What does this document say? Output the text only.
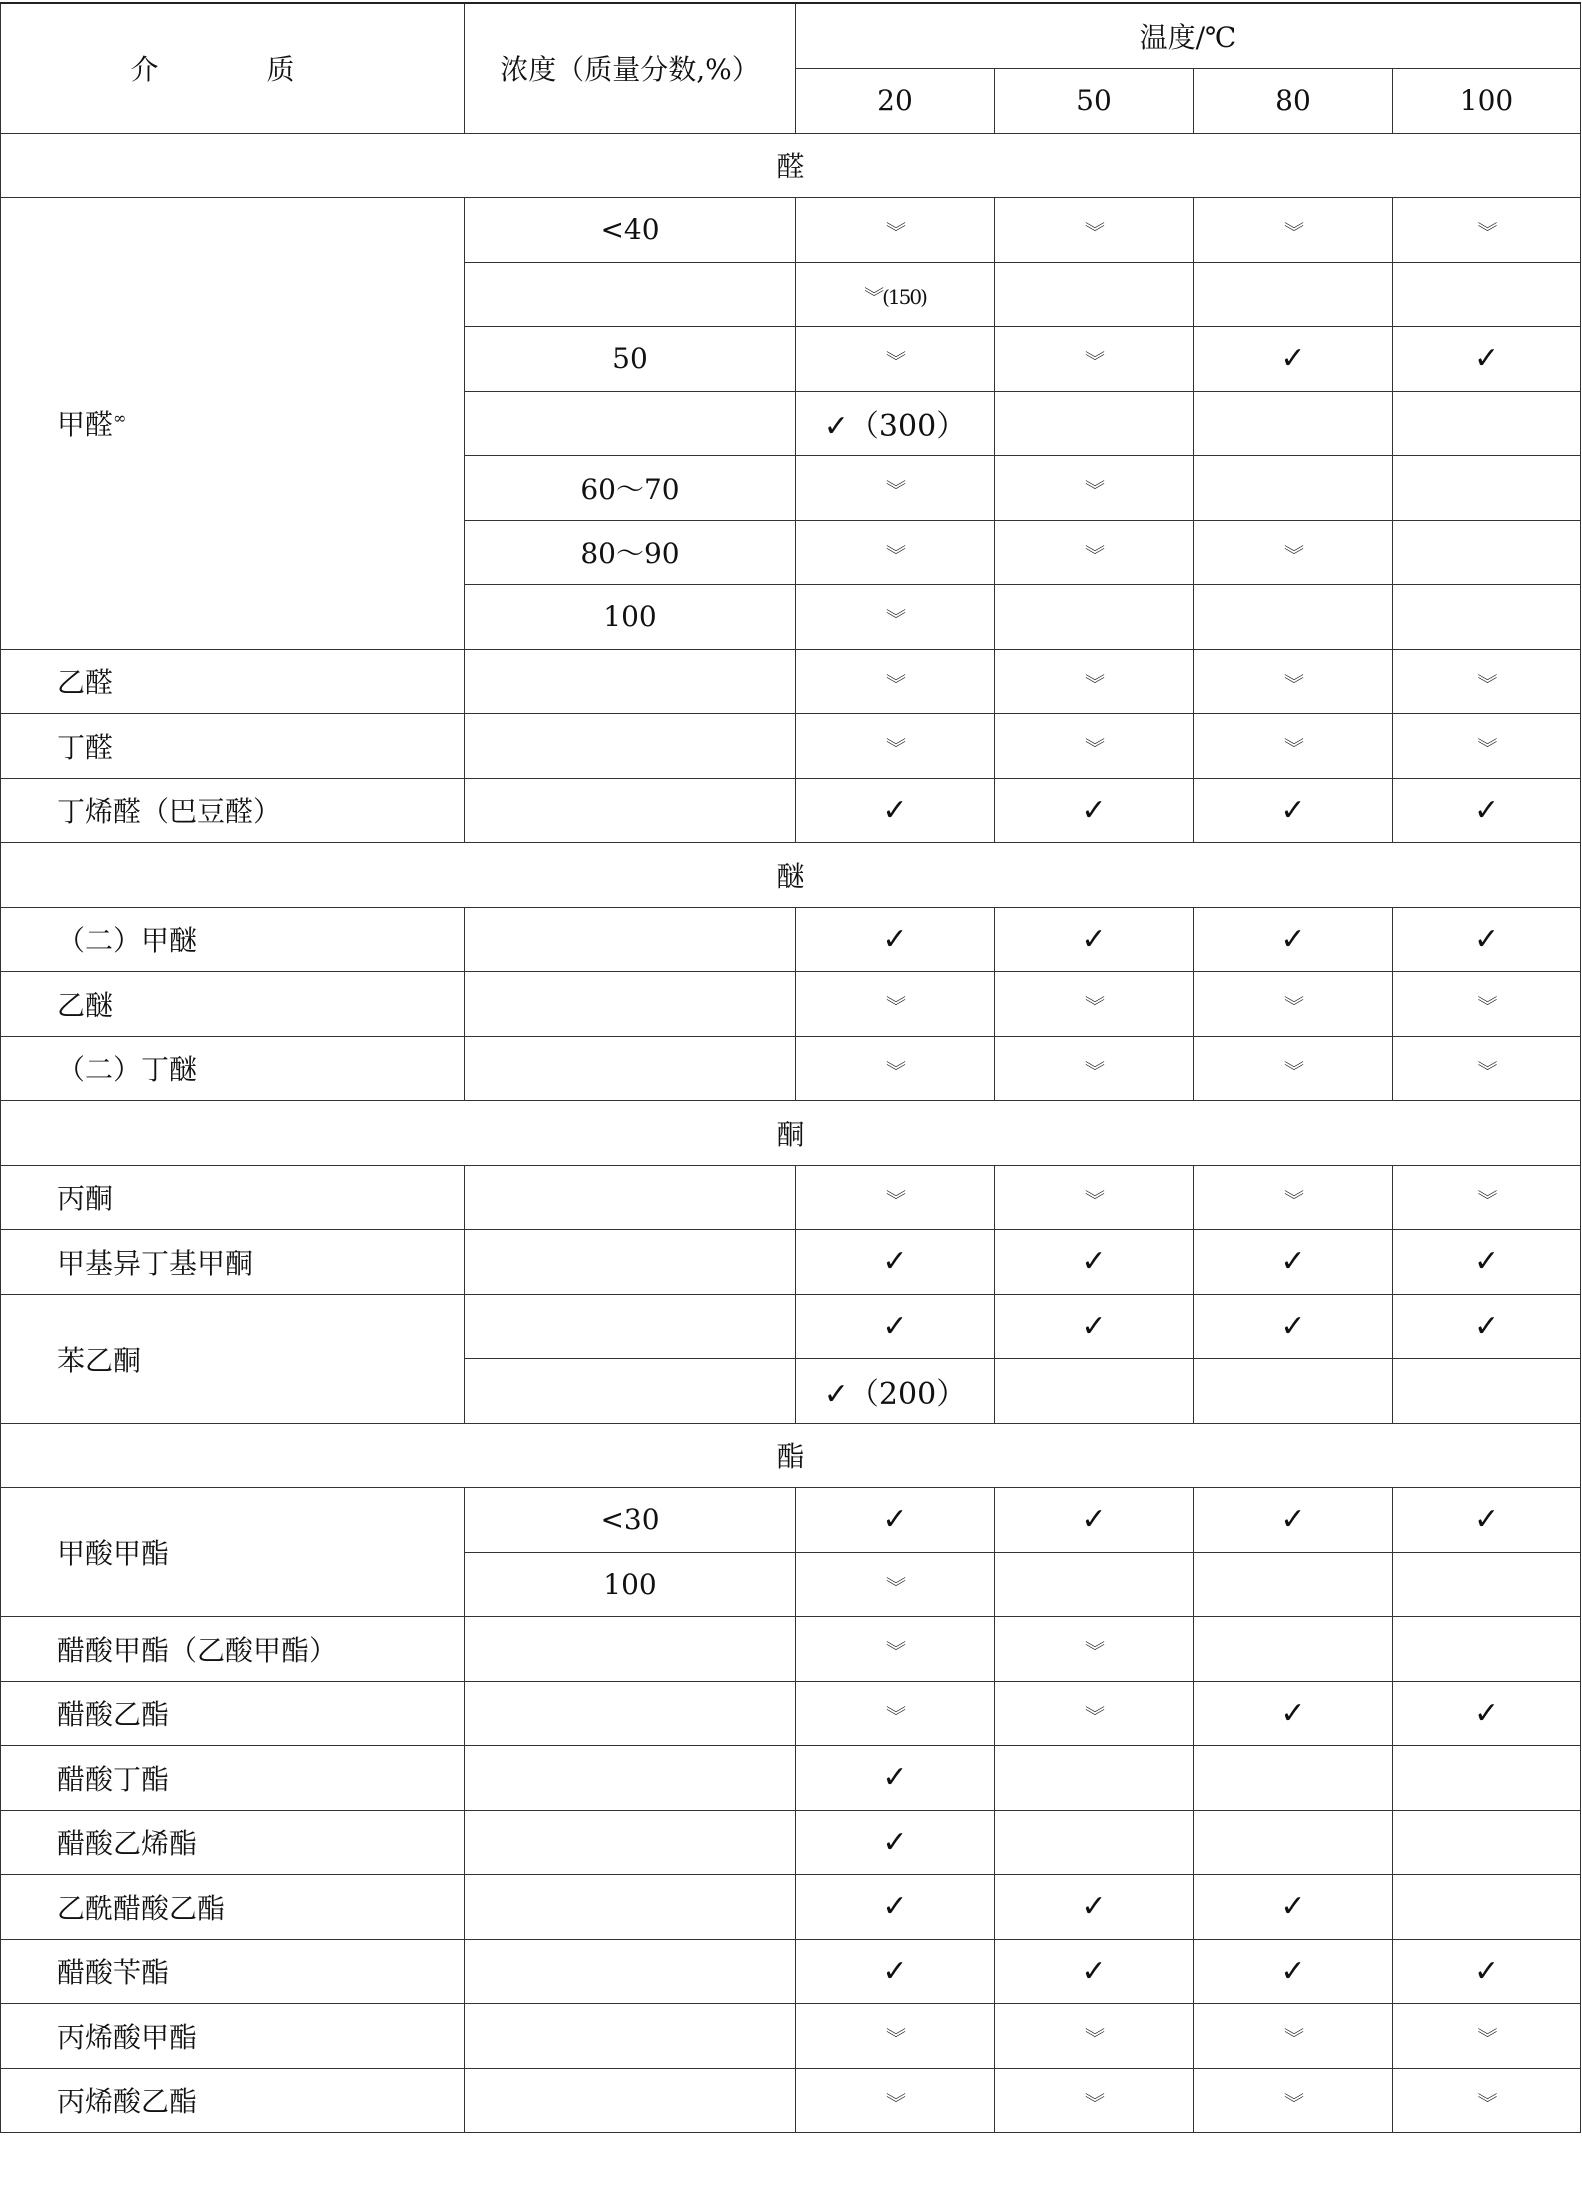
介　质	浓度（质量分数,%）	温度/℃			
		20	50	80	100
醛					
甲醛∞	<40	︾	︾	︾	︾
		︾(150)			
	50	︾	︾	✓	✓
		✓（300）			
	60～70	︾	︾		
	80～90	︾	︾	︾	
	100	︾			
乙醛		︾	︾	︾	︾
丁醛		︾	︾	︾	︾
丁烯醛（巴豆醛）		✓	✓	✓	✓
醚					
（二）甲醚		✓	✓	✓	✓
乙醚		︾	︾	︾	︾
（二）丁醚		︾	︾	︾	︾
酮					
丙酮		︾	︾	︾	︾
甲基异丁基甲酮		✓	✓	✓	✓
苯乙酮		✓	✓	✓	✓
		✓（200）			
酯					
甲酸甲酯	<30	✓	✓	✓	✓
	100	︾			
醋酸甲酯（乙酸甲酯）		︾	︾		
醋酸乙酯		︾	︾	✓	✓
醋酸丁酯		✓			
醋酸乙烯酯		✓			
乙酰醋酸乙酯		✓	✓	✓	
醋酸苄酯		✓	✓	✓	✓
丙烯酸甲酯		︾	︾	︾	︾
丙烯酸乙酯		︾	︾	︾	︾
